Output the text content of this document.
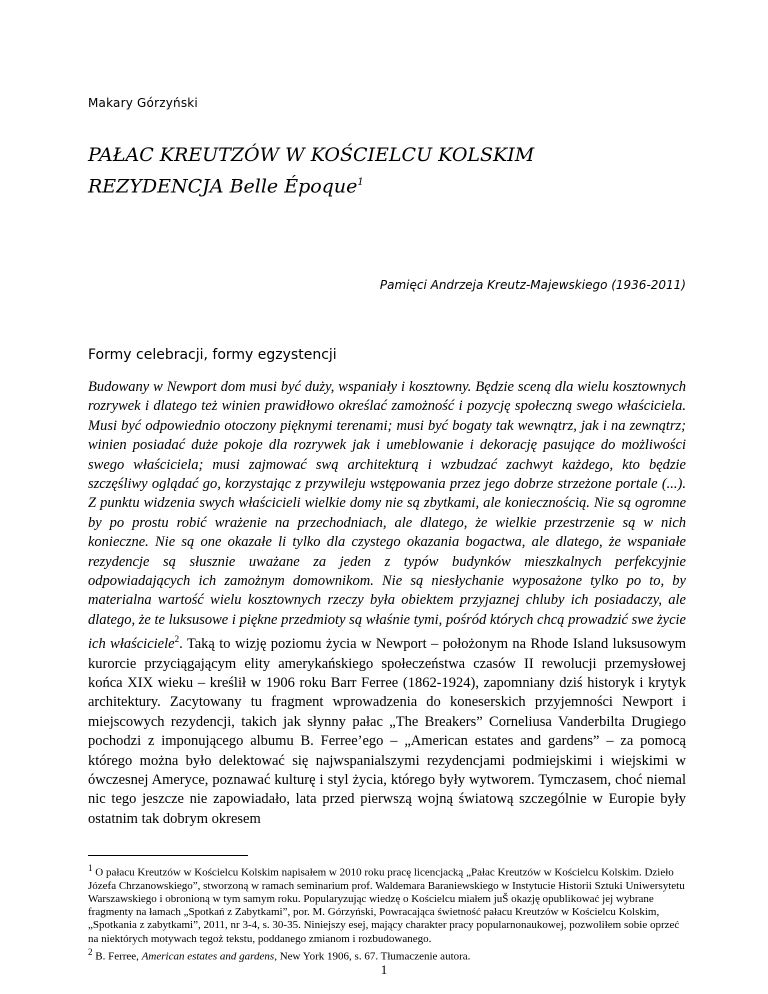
Makary Górzyński
PAŁAC KREUTZÓW W KOŚCIELCU KOLSKIM
REZYDENCJA Belle Époque$^1$
Pamięci Andrzeja Kreutz-Majewskiego (1936-2011)
Formy celebracji, formy egzystencji
Budowany w Newport dom musi być duży, wspaniały i kosztowny. Będzie sceną dla wielu kosztownych rozrywek i dlatego też winien prawidłowo określać zamożność i pozycję społeczną swego właściciela. Musi być odpowiednio otoczony pięknymi terenami; musi być bogaty tak wewnątrz, jak i na zewnątrz; winien posiadać duże pokoje dla rozrywek jak i umeblowanie i dekorację pasujące do możliwości swego właściciela; musi zajmować swą architekturą i wzbudzać zachwyt każdego, kto będzie szczęśliwy oglądać go, korzystając z przywileju wstępowania przez jego dobrze strzeżone portale (...). Z punktu widzenia swych właścicieli wielkie domy nie są zbytkami, ale koniecznością. Nie są ogromne by po prostu robić wrażenie na przechodniach, ale dlatego, że wielkie przestrzenie są w nich konieczne. Nie są one okazałe li tylko dla czystego okazania bogactwa, ale dlatego, że wspaniałe rezydencje są słusznie uważane za jeden z typów budynków mieszkalnych perfekcyjnie odpowiadających ich zamożnym domownikom. Nie są niesłychanie wyposażone tylko po to, by materialna wartość wielu kosztownych rzeczy była obiektem przyjaznej chluby ich posiadaczy, ale dlatego, że te luksusowe i piękne przedmioty są właśnie tymi, pośród których chcą prowadzić swe życie ich właściciele$^2$. Taką to wizję poziomu życia w Newport – położonym na Rhode Island luksusowym kurorcie przyciągającym elity amerykańskiego społeczeństwa czasów II rewolucji przemysłowej końca XIX wieku – kreślił w 1906 roku Barr Ferree (1862-1924), zapomniany dziś historyk i krytyk architektury. Zacytowany tu fragment wprowadzenia do koneserskich przyjemności Newport i miejscowych rezydencji, takich jak słynny pałac „The Breakers” Corneliusa Vanderbilta Drugiego pochodzi z imponującego albumu B. Ferree’ego – „American estates and gardens” – za pomocą którego można było delektować się najwspanialszymi rezydencjami podmiejskimi i wiejskimi w ówczesnej Ameryce, poznawać kulturę i styl życia, którego były wytworem. Tymczasem, choć niemal nic tego jeszcze nie zapowiadało, lata przed pierwszą wojną światową szczególnie w Europie były ostatnim tak dobrym okresem

$^1$ O pałacu Kreutzów w Kościelcu Kolskim napisałem w 2010 roku pracę licencjacką „Pałac Kreutzów w Kościelcu Kolskim. Dzieło Józefa Chrzanowskiego”, stworzoną w ramach seminarium prof. Waldemara Baraniewskiego w Instytucie Historii Sztuki Uniwersytetu Warszawskiego i obronioną w tym samym roku. Popularyzując wiedzę o Kościelcu miałem juŠ okazję opublikować jej wybrane fragmenty na łamach „Spotkań z Zabytkami”, por. M. Górzyński, Powracająca świetność pałacu Kreutzów w Kościelcu Kolskim, „Spotkania z zabytkami”, 2011, nr 3-4, s. 30-35. Niniejszy esej, mający charakter pracy popularnonaukowej, pozwoliłem sobie oprzeć na niektórych motywach tegoż tekstu, poddanego zmianom i rozbudowanego.

$^2$ B. Ferree, American estates and gardens, New York 1906, s. 67. Tłumaczenie autora.

1
